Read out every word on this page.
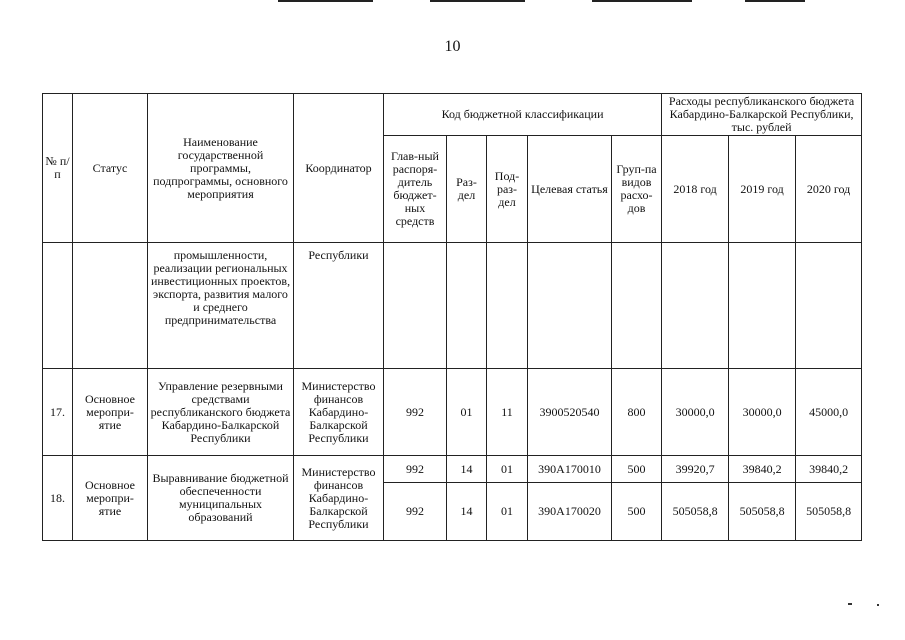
10
№ п/п	Статус	Наименование государственной программы, подпрограммы, основного мероприятия	Координатор	Код бюджетной классификации					Расходы республиканского бюджета Кабардино-Балкарской Республики, тыс. рублей		
				Глав-ный распоря-дитель бюджет-ных средств	Раз-дел	Под-раз-дел	Целевая статья	Груп-па видов расхо-дов	2018 год	2019 год	2020 год
		промышленности, реализации региональных инвестиционных проектов, экспорта, развития малого и среднего предпринимательства	Республики								
17.	Основное меропри-ятие	Управление резервными средствами республиканского бюджета Кабардино-Балкарской Республики	Министерство финансов Кабардино-Балкарской Республики	992	01	11	3900520540	800	30000,0	30000,0	45000,0
18.	Основное меропри-ятие	Выравнивание бюджетной обеспеченности муниципальных образований	Министерство финансов Кабардино-Балкарской Республики	992	14	01	390А170010	500	39920,7	39840,2	39840,2
				992	14	01	390А170020	500	505058,8	505058,8	505058,8
